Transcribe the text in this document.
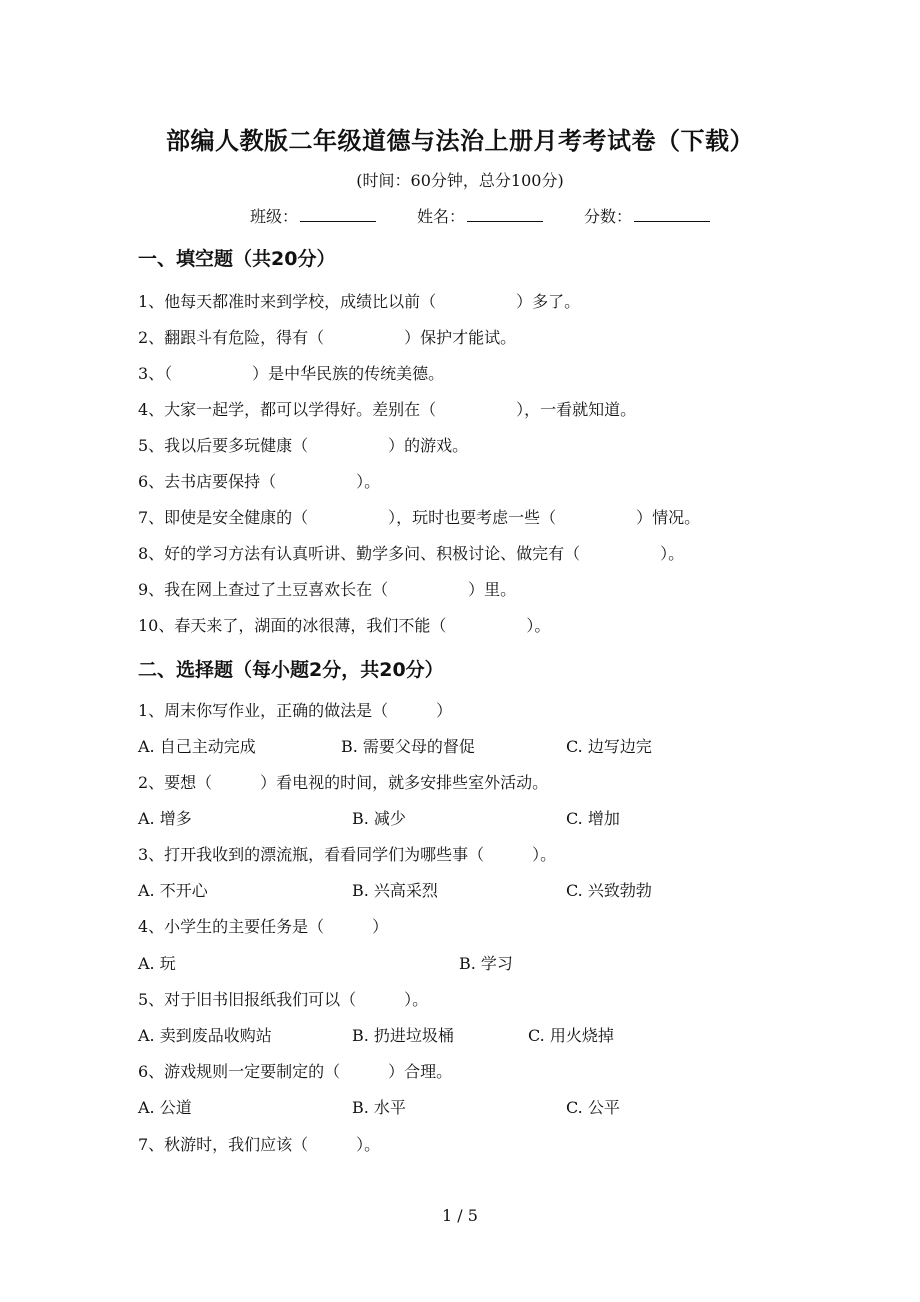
部编人教版二年级道德与法治上册月考考试卷（下载）
(时间：60分钟，总分100分)
班级：	姓名：	分数：
一、填空题（共20分）
1、他每天都准时来到学校，成绩比以前（　　　　　）多了。
2、翻跟斗有危险，得有（　　　　　）保护才能试。
3、（　　　　　）是中华民族的传统美德。
4、大家一起学，都可以学得好。差别在（　　　　　），一看就知道。
5、我以后要多玩健康（　　　　　）的游戏。
6、去书店要保持（　　　　　）。
7、即使是安全健康的（　　　　　），玩时也要考虑一些（　　　　　）情况。
8、好的学习方法有认真听讲、勤学多问、积极讨论、做完有（　　　　　）。
9、我在网上查过了土豆喜欢长在（　　　　　）里。
10、春天来了，湖面的冰很薄，我们不能（　　　　　）。
二、选择题（每小题2分，共20分）
1、周末你写作业，正确的做法是（　　　）
A. 自己主动完成	B. 需要父母的督促	C. 边写边完
2、要想（　　　）看电视的时间，就多安排些室外活动。
A. 增多	B. 减少	C. 增加
3、打开我收到的漂流瓶，看看同学们为哪些事（　　　）。
A. 不开心	B. 兴高采烈	C. 兴致勃勃
4、小学生的主要任务是（　　　）
A. 玩	B. 学习
5、对于旧书旧报纸我们可以（　　　）。
A. 卖到废品收购站	B. 扔进垃圾桶	C. 用火烧掉
6、游戏规则一定要制定的（　　　）合理。
A. 公道	B. 水平	C. 公平
7、秋游时，我们应该（　　　）。
1 / 5
